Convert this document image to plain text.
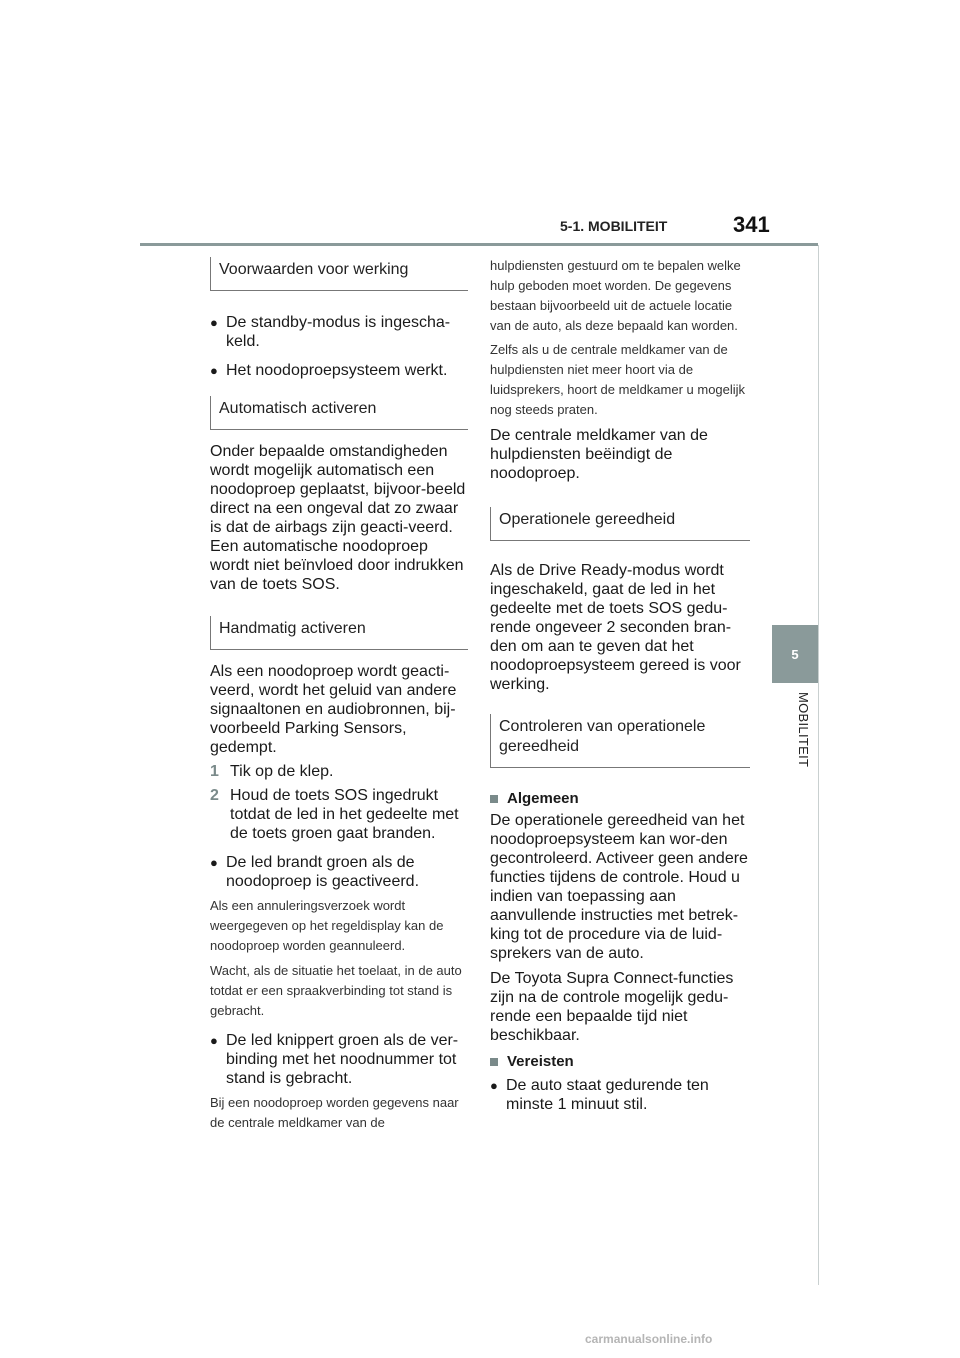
5-1. MOBILITEIT	341
5
MOBILITEIT
Voorwaarden voor werking
● De standby-modus is ingescha-keld.
● Het noodoproepsysteem werkt.
Automatisch activeren
Onder bepaalde omstandigheden wordt mogelijk automatisch een noodoproep geplaatst, bijvoor-beeld direct na een ongeval dat zo zwaar is dat de airbags zijn geacti-veerd. Een automatische noodoproep wordt niet beïnvloed door indrukken van de toets SOS.
Handmatig activeren
Als een noodoproep wordt geacti-veerd, wordt het geluid van andere signaaltonen en audiobronnen, bij-voorbeeld Parking Sensors, gedempt.
1 Tik op de klep.
2 Houd de toets SOS ingedrukt totdat de led in het gedeelte met de toets groen gaat branden.
● De led brandt groen als de noodoproep is geactiveerd.
Als een annuleringsverzoek wordt weergegeven op het regeldisplay kan de noodoproep worden geannuleerd.
Wacht, als de situatie het toelaat, in de auto totdat er een spraakverbinding tot stand is gebracht.
● De led knippert groen als de ver-binding met het noodnummer tot stand is gebracht.
Bij een noodoproep worden gegevens naar de centrale meldkamer van de
hulpdiensten gestuurd om te bepalen welke hulp geboden moet worden. De gegevens bestaan bijvoorbeeld uit de actuele locatie van de auto, als deze bepaald kan worden.
Zelfs als u de centrale meldkamer van de hulpdiensten niet meer hoort via de luidsprekers, hoort de meldkamer u mogelijk nog steeds praten.
De centrale meldkamer van de hulpdiensten beëindigt de noodoproep.
Operationele gereedheid
Als de Drive Ready-modus wordt ingeschakeld, gaat de led in het gedeelte met de toets SOS gedu-rende ongeveer 2 seconden bran-den om aan te geven dat het noodoproepsysteem gereed is voor werking.
Controleren van operationele gereedheid
Algemeen
De operationele gereedheid van het noodoproepsysteem kan wor-den gecontroleerd. Activeer geen andere functies tijdens de controle. Houd u indien van toepassing aan aanvullende instructies met betrek-king tot de procedure via de luid-sprekers van de auto.
De Toyota Supra Connect-functies zijn na de controle mogelijk gedu-rende een bepaalde tijd niet beschikbaar.
Vereisten
● De auto staat gedurende ten minste 1 minuut stil.
carmanualsonline.info
